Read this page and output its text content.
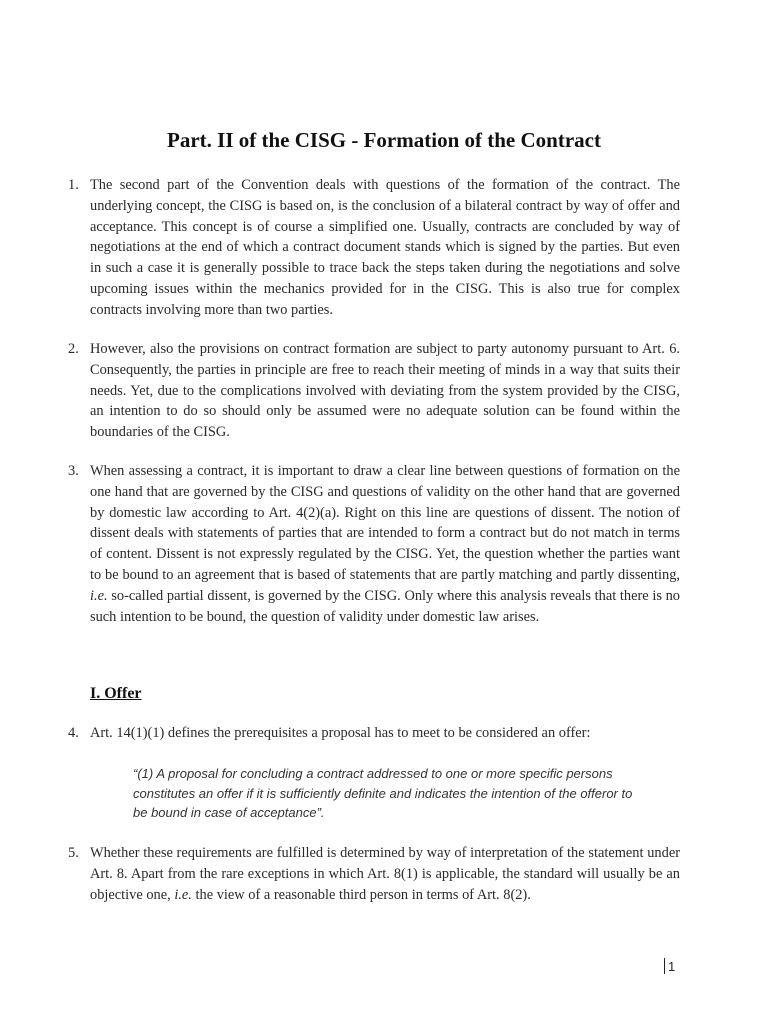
Part. II of the CISG - Formation of the Contract
1. The second part of the Convention deals with questions of the formation of the contract. The underlying concept, the CISG is based on, is the conclusion of a bilateral contract by way of offer and acceptance. This concept is of course a simplified one. Usually, contracts are concluded by way of negotiations at the end of which a contract document stands which is signed by the parties. But even in such a case it is generally possible to trace back the steps taken during the negotiations and solve upcoming issues within the mechanics provided for in the CISG. This is also true for complex contracts involving more than two parties.
2. However, also the provisions on contract formation are subject to party autonomy pursuant to Art. 6. Consequently, the parties in principle are free to reach their meeting of minds in a way that suits their needs. Yet, due to the complications involved with deviating from the system provided by the CISG, an intention to do so should only be assumed were no adequate solution can be found within the boundaries of the CISG.
3. When assessing a contract, it is important to draw a clear line between questions of formation on the one hand that are governed by the CISG and questions of validity on the other hand that are governed by domestic law according to Art. 4(2)(a). Right on this line are questions of dissent. The notion of dissent deals with statements of parties that are intended to form a contract but do not match in terms of content. Dissent is not expressly regulated by the CISG. Yet, the question whether the parties want to be bound to an agreement that is based of statements that are partly matching and partly dissenting, i.e. so-called partial dissent, is governed by the CISG. Only where this analysis reveals that there is no such intention to be bound, the question of validity under domestic law arises.
I. Offer
4. Art. 14(1)(1) defines the prerequisites a proposal has to meet to be considered an offer:

“(1) A proposal for concluding a contract addressed to one or more specific persons constitutes an offer if it is sufficiently definite and indicates the intention of the offeror to be bound in case of acceptance”.

5. Whether these requirements are fulfilled is determined by way of interpretation of the statement under Art. 8. Apart from the rare exceptions in which Art. 8(1) is applicable, the standard will usually be an objective one, i.e. the view of a reasonable third person in terms of Art. 8(2).
1
